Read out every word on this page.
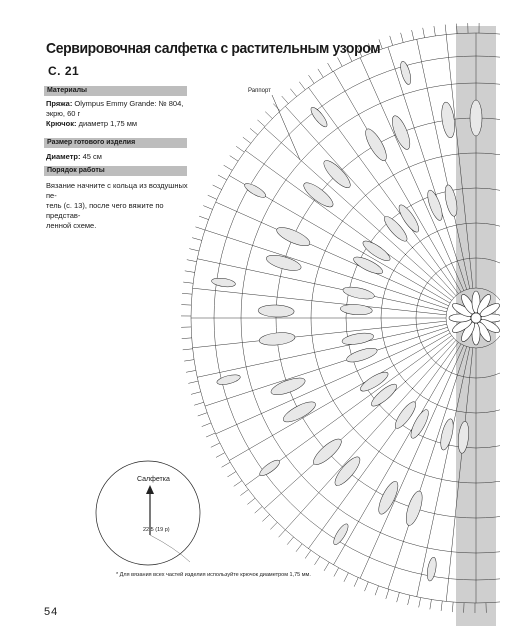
Сервировочная салфетка с растительным узором
С. 21
Материалы
Пряжа: Olympus Emmy Grande: № 804,
экрю, 60 г
Крючок: диаметр 1,75 мм
Размер готового изделия
Диаметр: 45 см
Порядок работы
Вязание начните с кольца из воздушных пе-
тель (с. 13), после чего вяжите по представ-
ленной схеме.
Раппорт
Салфетка
22,5 (19 р)
* Для вязания всех частей изделия используйте крючок диаметром 1,75 мм.
54
